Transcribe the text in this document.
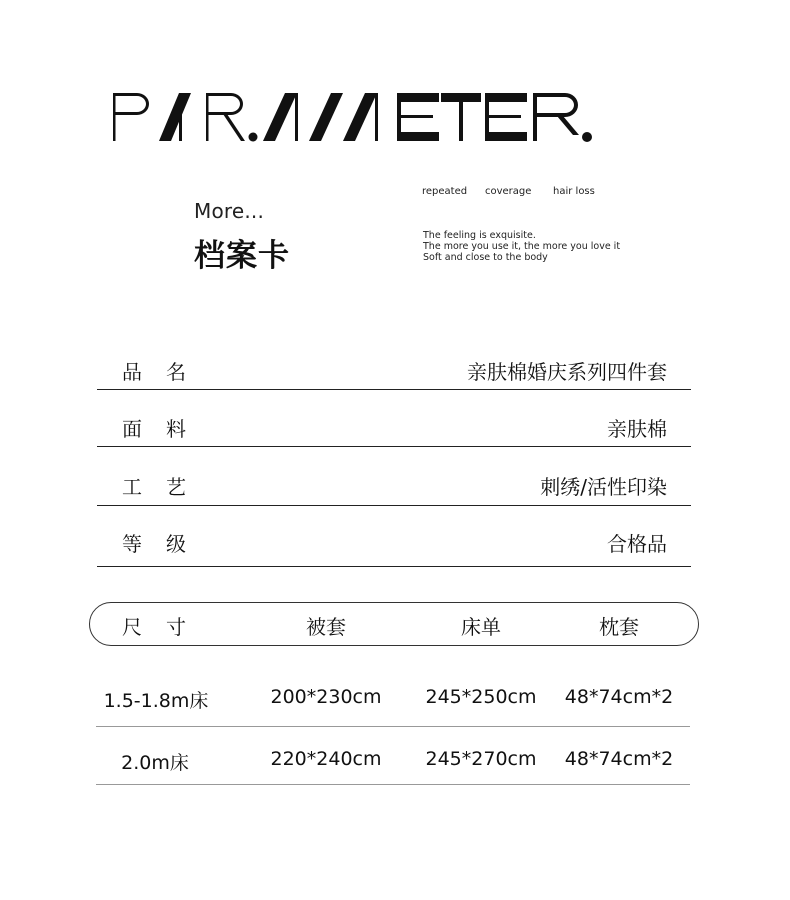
More...
档案卡
repeated coverage hair loss
The feeling is exquisite.
The more you use it, the more you love it
Soft and close to the body
品名	亲肤棉婚庆系列四件套
面料	亲肤棉
工艺	刺绣/活性印染
等级	合格品
尺寸	被套	床单	枕套
1.5-1.8m床	200*230cm 245*250cm 48*74cm*2
2.0m床	220*240cm 245*270cm 48*74cm*2
